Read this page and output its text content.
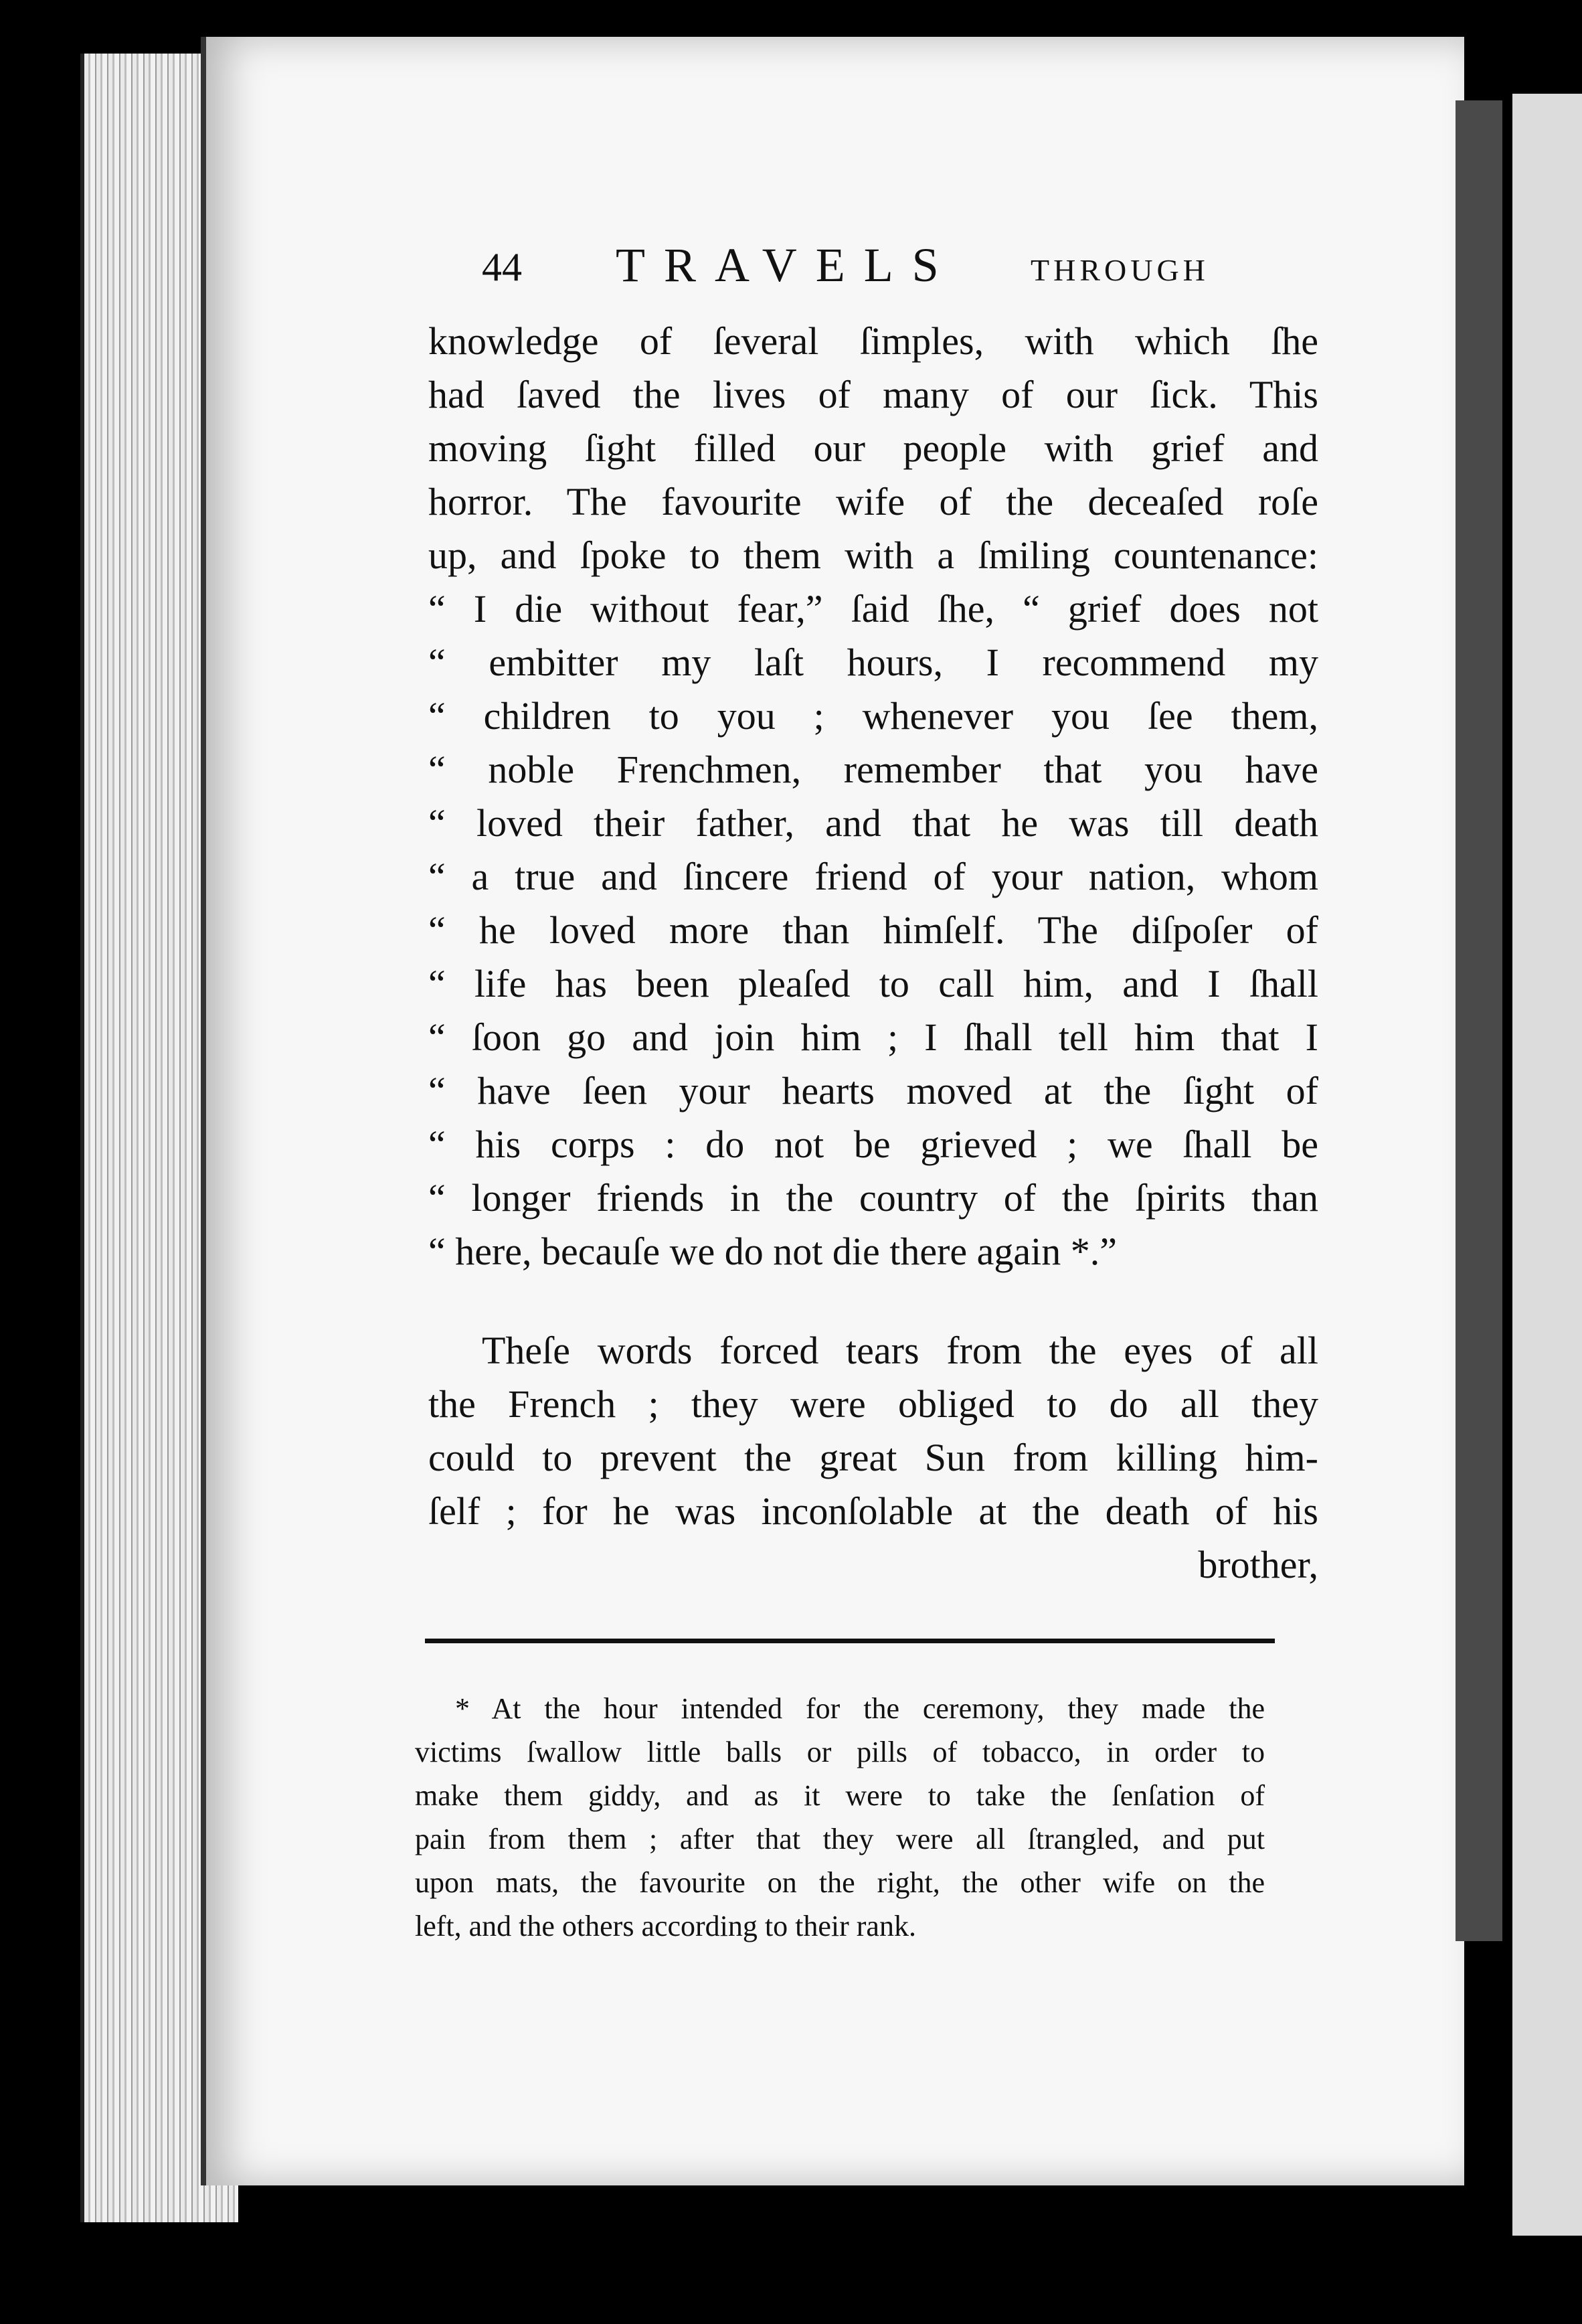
44 TRAVELS THROUGH
knowledge of ſeveral ſimples, with which ſhe
had ſaved the lives of many of our ſick. This
moving ſight filled our people with grief and
horror. The favourite wife of the deceaſed roſe
up, and ſpoke to them with a ſmiling countenance:
“ I die without fear,” ſaid ſhe, “ grief does not
“ embitter my laſt hours, I recommend my
“ children to you ; whenever you ſee them,
“ noble Frenchmen, remember that you have
“ loved their father, and that he was till death
“ a true and ſincere friend of your nation, whom
“ he loved more than himſelf. The diſpoſer of
“ life has been pleaſed to call him, and I ſhall
“ ſoon go and join him ; I ſhall tell him that I
“ have ſeen your hearts moved at the ſight of
“ his corps : do not be grieved ; we ſhall be
“ longer friends in the country of the ſpirits than
“ here, becauſe we do not die there again *.”
Theſe words forced tears from the eyes of all
the French ; they were obliged to do all they
could to prevent the great Sun from killing him-
ſelf ; for he was inconſolable at the death of his
brother,
* At the hour intended for the ceremony, they made the
victims ſwallow little balls or pills of tobacco, in order to
make them giddy, and as it were to take the ſenſation of
pain from them ; after that they were all ſtrangled, and put
upon mats, the favourite on the right, the other wife on the
left, and the others according to their rank.
